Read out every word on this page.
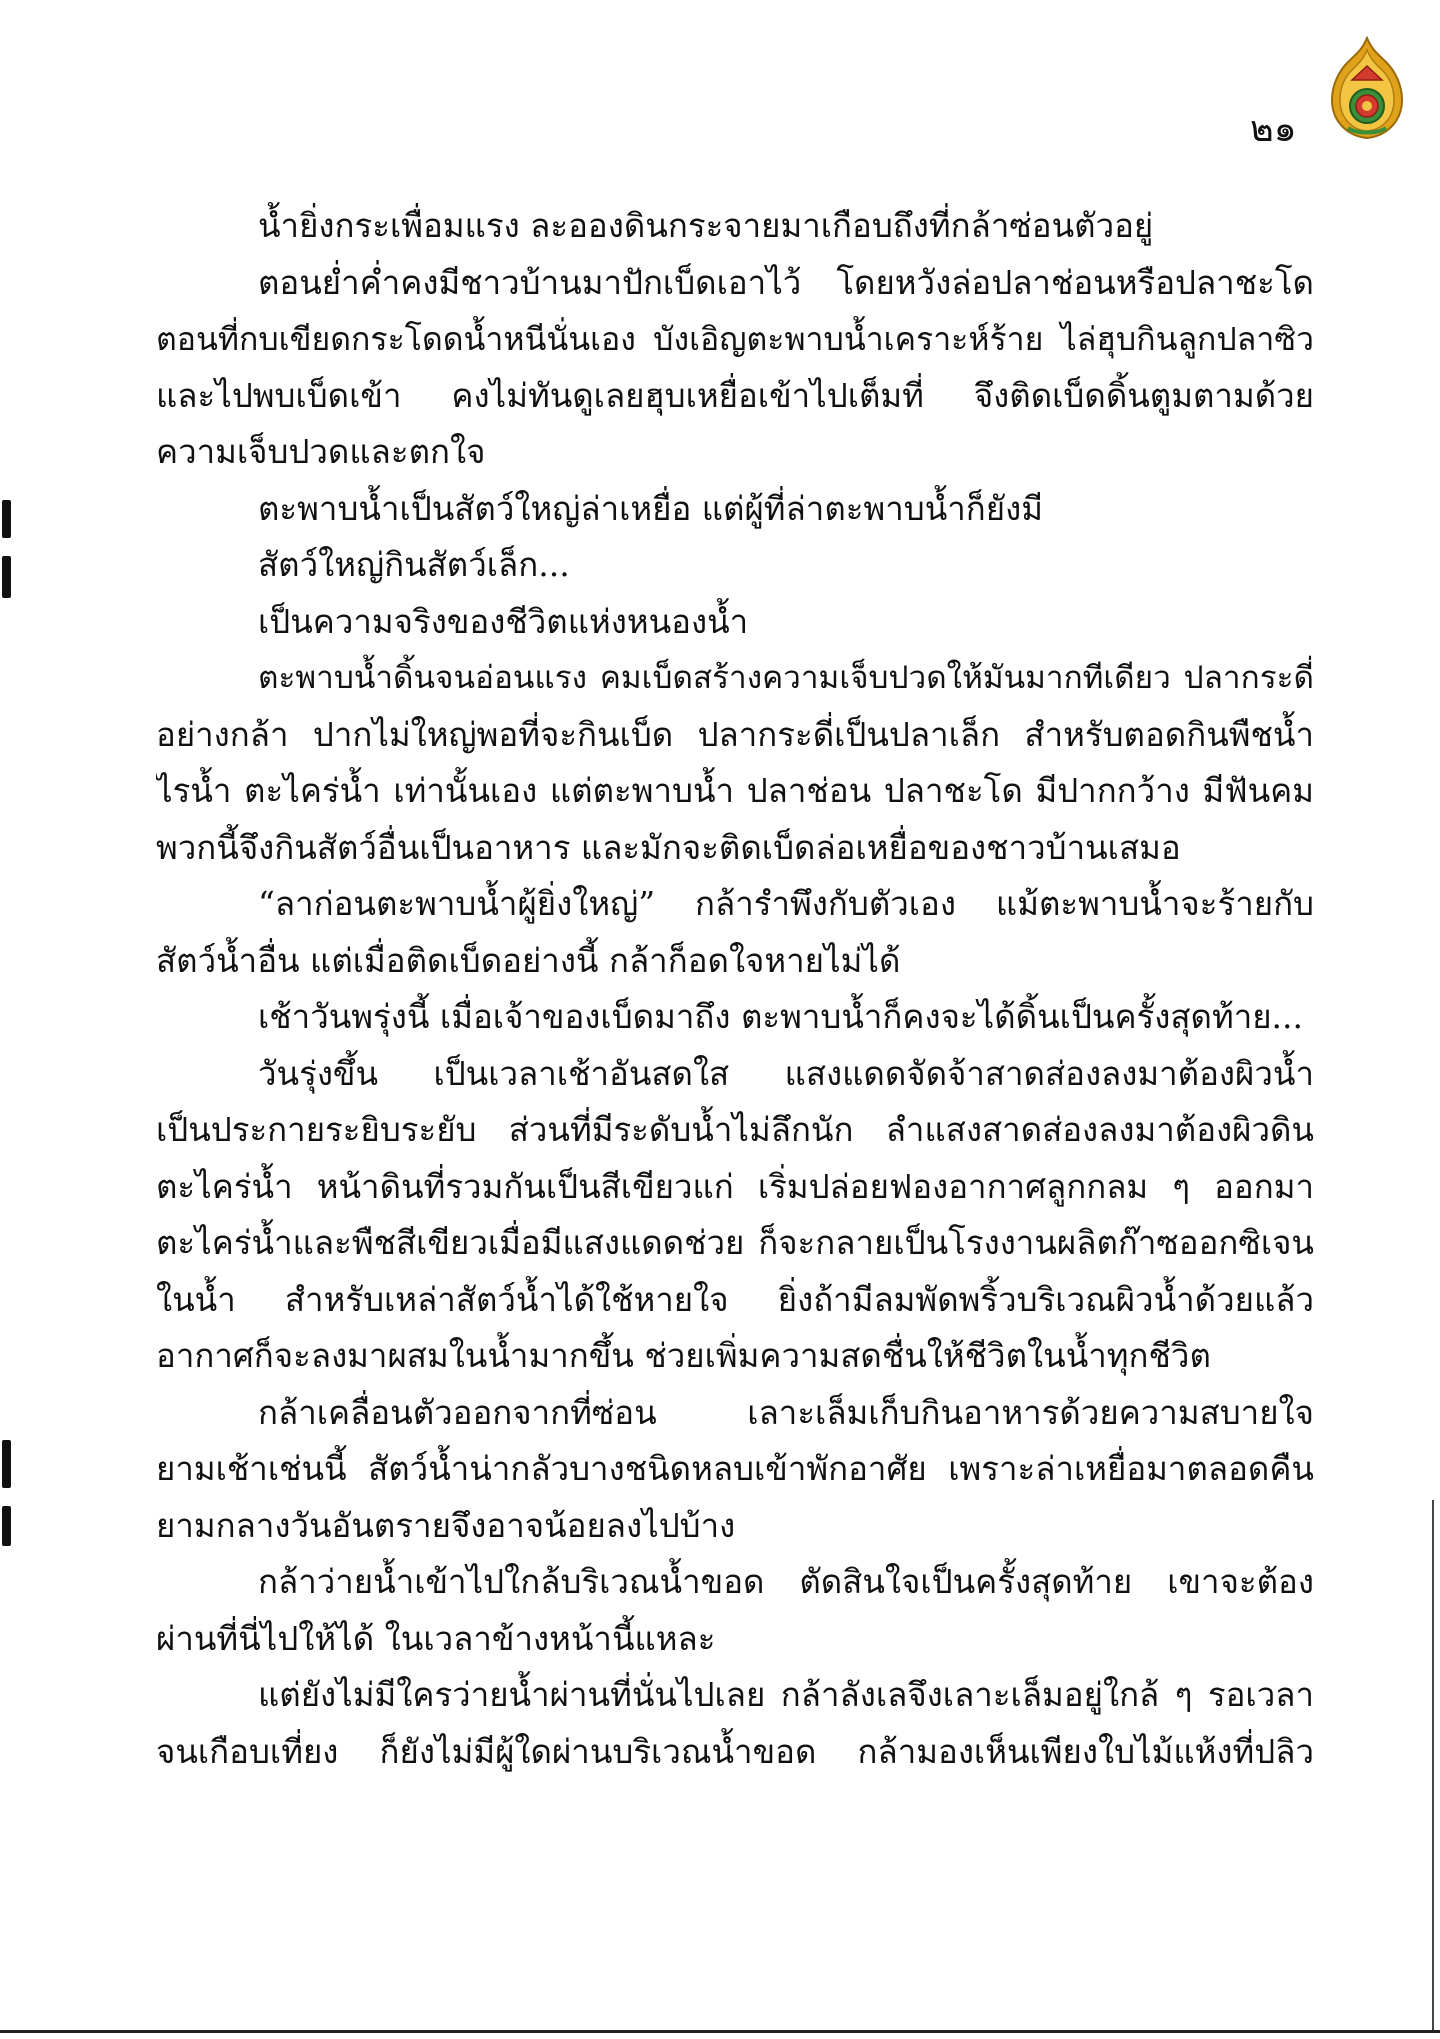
๒๑
น้ำยิ่งกระเพื่อมแรง ละอองดินกระจายมาเกือบถึงที่กล้าซ่อนตัวอยู่
ตอนย่ำค่ำคงมีชาวบ้านมาปักเบ็ดเอาไว้ โดยหวังล่อปลาช่อนหรือปลาชะโด
ตอนที่กบเขียดกระโดดน้ำหนีนั่นเอง บังเอิญตะพาบน้ำเคราะห์ร้าย ไล่ฮุบกินลูกปลาซิว
และไปพบเบ็ดเข้า คงไม่ทันดูเลยฮุบเหยื่อเข้าไปเต็มที่ จึงติดเบ็ดดิ้นตูมตามด้วย
ความเจ็บปวดและตกใจ
ตะพาบน้ำเป็นสัตว์ใหญ่ล่าเหยื่อ แต่ผู้ที่ล่าตะพาบน้ำก็ยังมี
สัตว์ใหญ่กินสัตว์เล็ก...
เป็นความจริงของชีวิตแห่งหนองน้ำ
ตะพาบน้ำดิ้นจนอ่อนแรง คมเบ็ดสร้างความเจ็บปวดให้มันมากทีเดียว ปลากระดี่
อย่างกล้า ปากไม่ใหญ่พอที่จะกินเบ็ด ปลากระดี่เป็นปลาเล็ก สำหรับตอดกินพืชน้ำ
ไรน้ำ ตะไคร่น้ำ เท่านั้นเอง แต่ตะพาบน้ำ ปลาช่อน ปลาชะโด มีปากกว้าง มีฟันคม
พวกนี้จึงกินสัตว์อื่นเป็นอาหาร และมักจะติดเบ็ดล่อเหยื่อของชาวบ้านเสมอ
“ลาก่อนตะพาบน้ำผู้ยิ่งใหญ่” กล้ารำพึงกับตัวเอง แม้ตะพาบน้ำจะร้ายกับ
สัตว์น้ำอื่น แต่เมื่อติดเบ็ดอย่างนี้ กล้าก็อดใจหายไม่ได้
เช้าวันพรุ่งนี้ เมื่อเจ้าของเบ็ดมาถึง ตะพาบน้ำก็คงจะได้ดิ้นเป็นครั้งสุดท้าย...
วันรุ่งขึ้น เป็นเวลาเช้าอันสดใส แสงแดดจัดจ้าสาดส่องลงมาต้องผิวน้ำ
เป็นประกายระยิบระยับ ส่วนที่มีระดับน้ำไม่ลึกนัก ลำแสงสาดส่องลงมาต้องผิวดิน
ตะไคร่น้ำ หน้าดินที่รวมกันเป็นสีเขียวแก่ เริ่มปล่อยฟองอากาศลูกกลม ๆ ออกมา
ตะไคร่น้ำและพืชสีเขียวเมื่อมีแสงแดดช่วย ก็จะกลายเป็นโรงงานผลิตก๊าซออกซิเจน
ในน้ำ สำหรับเหล่าสัตว์น้ำได้ใช้หายใจ ยิ่งถ้ามีลมพัดพริ้วบริเวณผิวน้ำด้วยแล้ว
อากาศก็จะลงมาผสมในน้ำมากขึ้น ช่วยเพิ่มความสดชื่นให้ชีวิตในน้ำทุกชีวิต
กล้าเคลื่อนตัวออกจากที่ซ่อน เลาะเล็มเก็บกินอาหารด้วยความสบายใจ
ยามเช้าเช่นนี้ สัตว์น้ำน่ากลัวบางชนิดหลบเข้าพักอาศัย เพราะล่าเหยื่อมาตลอดคืน
ยามกลางวันอันตรายจึงอาจน้อยลงไปบ้าง
กล้าว่ายน้ำเข้าไปใกล้บริเวณน้ำขอด ตัดสินใจเป็นครั้งสุดท้าย เขาจะต้อง
ผ่านที่นี่ไปให้ได้ ในเวลาข้างหน้านี้แหละ
แต่ยังไม่มีใครว่ายน้ำผ่านที่นั่นไปเลย กล้าลังเลจึงเลาะเล็มอยู่ใกล้ ๆ รอเวลา
จนเกือบเที่ยง ก็ยังไม่มีผู้ใดผ่านบริเวณน้ำขอด กล้ามองเห็นเพียงใบไม้แห้งที่ปลิว
